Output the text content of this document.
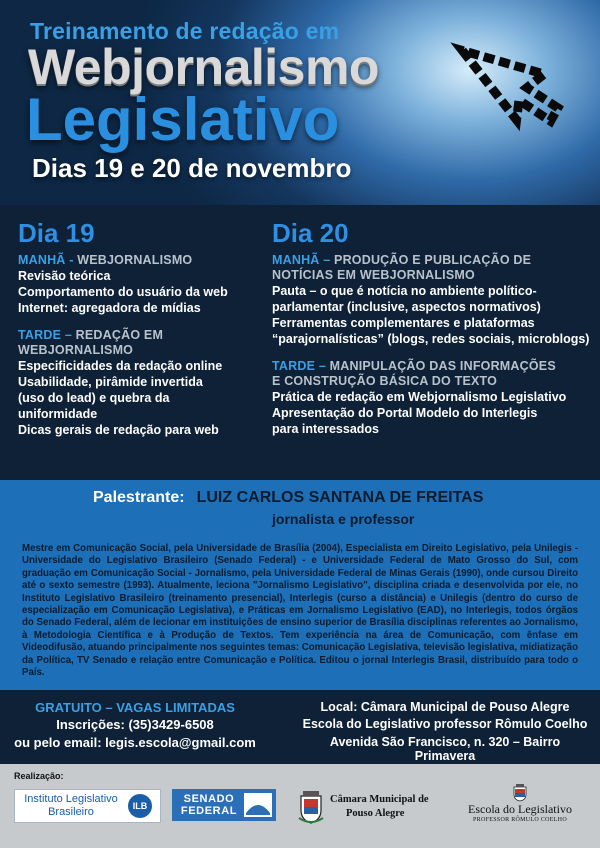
Treinamento de redação em
Webjornalismo
Legislativo
Dias 19 e 20 de novembro
Dia 19
MANHÃ - WEBJORNALISMO
Revisão teórica
Comportamento do usuário da web
Internet: agregadora de mídias
TARDE – REDAÇÃO EM WEBJORNALISMO
Especificidades da redação online
Usabilidade, pirâmide invertida
(uso do lead) e quebra da
uniformidade
Dicas gerais de redação para web
Dia 20
MANHÃ – PRODUÇÃO E PUBLICAÇÃO DE
NOTÍCIAS EM WEBJORNALISMO
Pauta – o que é notícia no ambiente político-
parlamentar (inclusive, aspectos normativos)
Ferramentas complementares e plataformas
“parajornalísticas” (blogs, redes sociais, microblogs)
TARDE – MANIPULAÇÃO DAS INFORMAÇÕES
E CONSTRUÇÃO BÁSICA DO TEXTO
Prática de redação em Webjornalismo Legislativo
Apresentação do Portal Modelo do Interlegis
para interessados
Palestrante: LUIZ CARLOS SANTANA DE FREITAS
jornalista e professor
Mestre em Comunicação Social, pela Universidade de Brasília (2004), Especialista em Direito Legislativo, pela Unilegis - Universidade do Legislativo Brasileiro (Senado Federal) - e Universidade Federal de Mato Grosso do Sul, com graduação em Comunicação Social - Jornalismo, pela Universidade Federal de Minas Gerais (1990), onde cursou Direito até o sexto semestre (1993). Atualmente, leciona "Jornalismo Legislativo", disciplina criada e desenvolvida por ele, no Instituto Legislativo Brasileiro (treinamento presencial), Interlegis (curso a distância) e Unilegis (dentro do curso de especialização em Comunicação Legislativa), e Práticas em Jornalismo Legislativo (EAD), no Interlegis, todos órgãos do Senado Federal, além de lecionar em instituições de ensino superior de Brasília disciplinas referentes ao Jornalismo, à Metodologia Científica e à Produção de Textos. Tem experiência na área de Comunicação, com ênfase em Videodifusão, atuando principalmente nos seguintes temas: Comunicação Legislativa, televisão legislativa, midiatização da Política, TV Senado e relação entre Comunicação e Política. Editou o jornal Interlegis Brasil, distribuído para todo o País.
GRATUITO – VAGAS LIMITADAS
Inscrições: (35)3429-6508
ou pelo email: legis.escola@gmail.com
Local: Câmara Municipal de Pouso Alegre
Escola do Legislativo professor Rômulo Coelho
Avenida São Francisco, n. 320 – Bairro Primavera
Realização:
Instituto Legislativo
Brasileiro	ILB
SENADO
FEDERAL
Câmara Municipal de
Pouso Alegre	Escola do Legislativo
PROFESSOR RÔMULO COELHO
